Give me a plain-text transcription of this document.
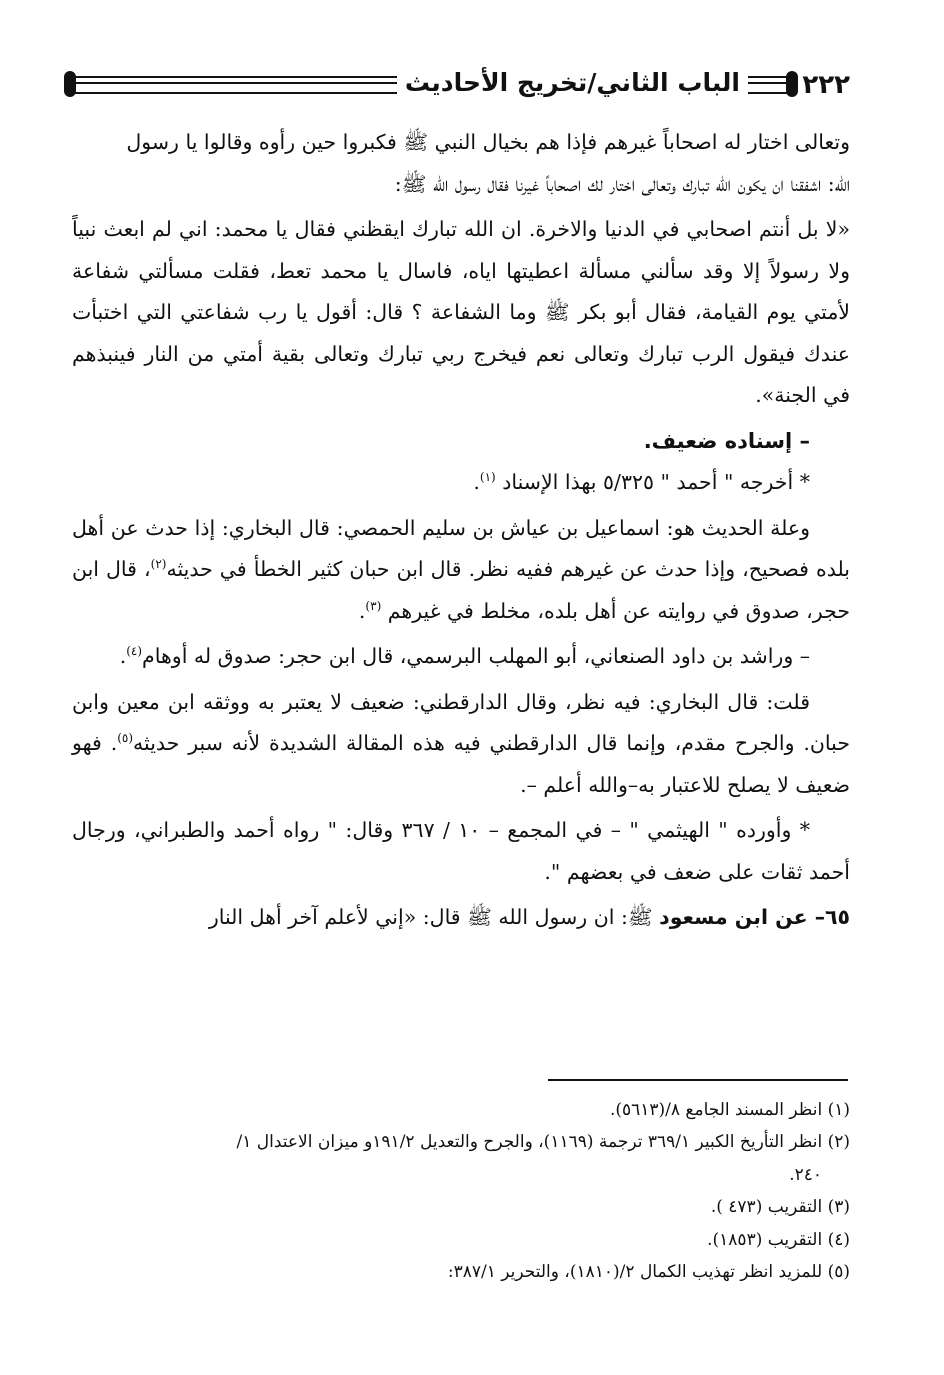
٢٢٢
الباب الثاني/تخريج الأحاديث

وتعالى اختار له اصحاباً غيرهم فإذا هم بخيال النبي ﷺ فكبروا حين رأوه وقالوا يا رسول

الله: اشفقنا ان يكون الله تبارك وتعالى اختار لك اصحاباً غيرنا فقال رسول الله ﷺ:

«لا بل أنتم اصحابي في الدنيا والاخرة. ان الله تبارك ايقظني فقال يا محمد: اني لم ابعث نبياً ولا رسولاً إلا وقد سألني مسألة اعطيتها اياه، فاسال يا محمد تعط، فقلت مسألتي شفاعة لأمتي يوم القيامة، فقال أبو بكر ﷺ وما الشفاعة ؟ قال: أقول يا رب شفاعتي التي اختبأت عندك فيقول الرب تبارك وتعالى نعم فيخرج ربي تبارك وتعالى بقية أمتي من النار فينبذهم في الجنة».

– إسناده ضعيف.

* أخرجه " أحمد " ٥/٣٢٥ بهذا الإسناد $^{(١)}$.

وعلة الحديث هو: اسماعيل بن عياش بن سليم الحمصي: قال البخاري: إذا حدث عن أهل بلده فصحيح، وإذا حدث عن غيرهم ففيه نظر. قال ابن حبان كثير الخطأ في حديثه$^{(٢)}$، قال ابن حجر، صدوق في روايته عن أهل بلده، مخلط في غيرهم $^{(٣)}$.

– وراشد بن داود الصنعاني، أبو المهلب البرسمي، قال ابن حجر: صدوق له أوهام$^{(٤)}$.

قلت: قال البخاري: فيه نظر، وقال الدارقطني: ضعيف لا يعتبر به ووثقه ابن معين وابن حبان. والجرح مقدم، وإنما قال الدارقطني فيه هذه المقالة الشديدة لأنه سبر حديثه$^{(٥)}$. فهو ضعيف لا يصلح للاعتبار به–والله أعلم –.

* وأورده " الهيثمي " – في المجمع – ١٠ / ٣٦٧ وقال: " رواه أحمد والطبراني، ورجال أحمد ثقات على ضعف في بعضهم ".

٦٥– عن ابن مسعود ﷺ: ان رسول الله ﷺ قال: «إني لأعلم آخر أهل النار

(١) انظر المسند الجامع ٨/(٥٦١٣).

(٢) انظر التأريخ الكبير ٣٦٩/١ ترجمة (١١٦٩)، والجرح والتعديل ١٩١/٢و ميزان الاعتدال ١/

٢٤٠.

(٣) التقريب (٤٧٣ ).

(٤) التقريب (١٨٥٣).

(٥) للمزيد انظر تهذيب الكمال ٢/(١٨١٠)، والتحرير ٣٨٧/١:
